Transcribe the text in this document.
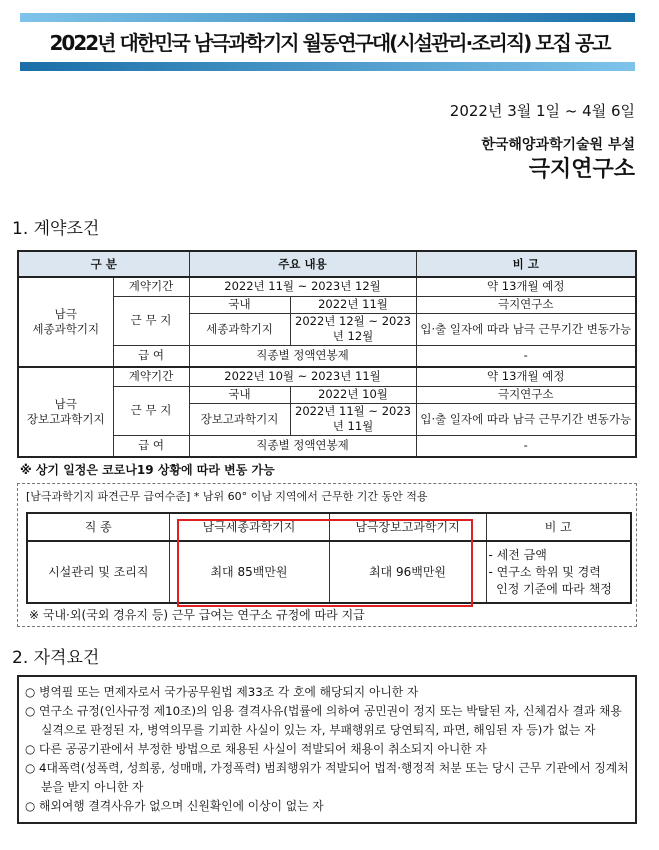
2022년 대한민국 남극과학기지 월동연구대(시설관리·조리직) 모집 공고
2022년 3월 1일 ~ 4월 6일
한국해양과학기술원 부설
극지연구소
1. 계약조건
구 분		주요 내용		비 고
남극
세종과학기지	계약기간	2022년 11월 ~ 2023년 12월		약 13개월 예정
	근 무 지	국내	2022년 11월	극지연구소
		세종과학기지	2022년 12월 ~ 2023년 12월	입·출 일자에 따라 남극 근무기간 변동가능

	급 여	직종별 정액연봉제		-
남극
장보고과학기지	계약기간	2022년 10월 ~ 2023년 11월		약 13개월 예정
	근 무 지	국내	2022년 10월	극지연구소
		장보고과학기지	2022년 11월 ~ 2023년 11월	입·출 일자에 따라 남극 근무기간 변동가능

	급 여	직종별 정액연봉제		-
※ 상기 일정은 코로나19 상황에 따라 변동 가능
[남극과학기지 파견근무 급여수준] * 남위 60° 이남 지역에서 근무한 기간 동안 적용
직 종	남극세종과학기지	남극장보고과학기지	비 고
시설관리 및 조리직	최대 85백만원	최대 96백만원	- 세전 금액
- 연구소 학위 및 경력
인정 기준에 따라 책정
※ 국내·외(국외 경유지 등) 근무 급여는 연구소 규정에 따라 지급
2. 자격요건
○ 병역필 또는 면제자로서 국가공무원법 제33조 각 호에 해당되지 아니한 자
○ 연구소 규정(인사규정 제10조)의 임용 결격사유(법률에 의하여 공민권이 정지 또는 박탈된 자, 신체검사 결과 채용실격으로 판정된 자, 병역의무를 기피한 사실이 있는 자, 부패행위로 당연퇴직, 파면, 해임된 자 등)가 없는 자
○ 다른 공공기관에서 부정한 방법으로 채용된 사실이 적발되어 채용이 취소되지 아니한 자
○ 4대폭력(성폭력, 성희롱, 성매매, 가정폭력) 범죄행위가 적발되어 법적·행정적 처분 또는 당시 근무 기관에서 징계처분을 받지 아니한 자
○ 해외여행 결격사유가 없으며 신원확인에 이상이 없는 자
